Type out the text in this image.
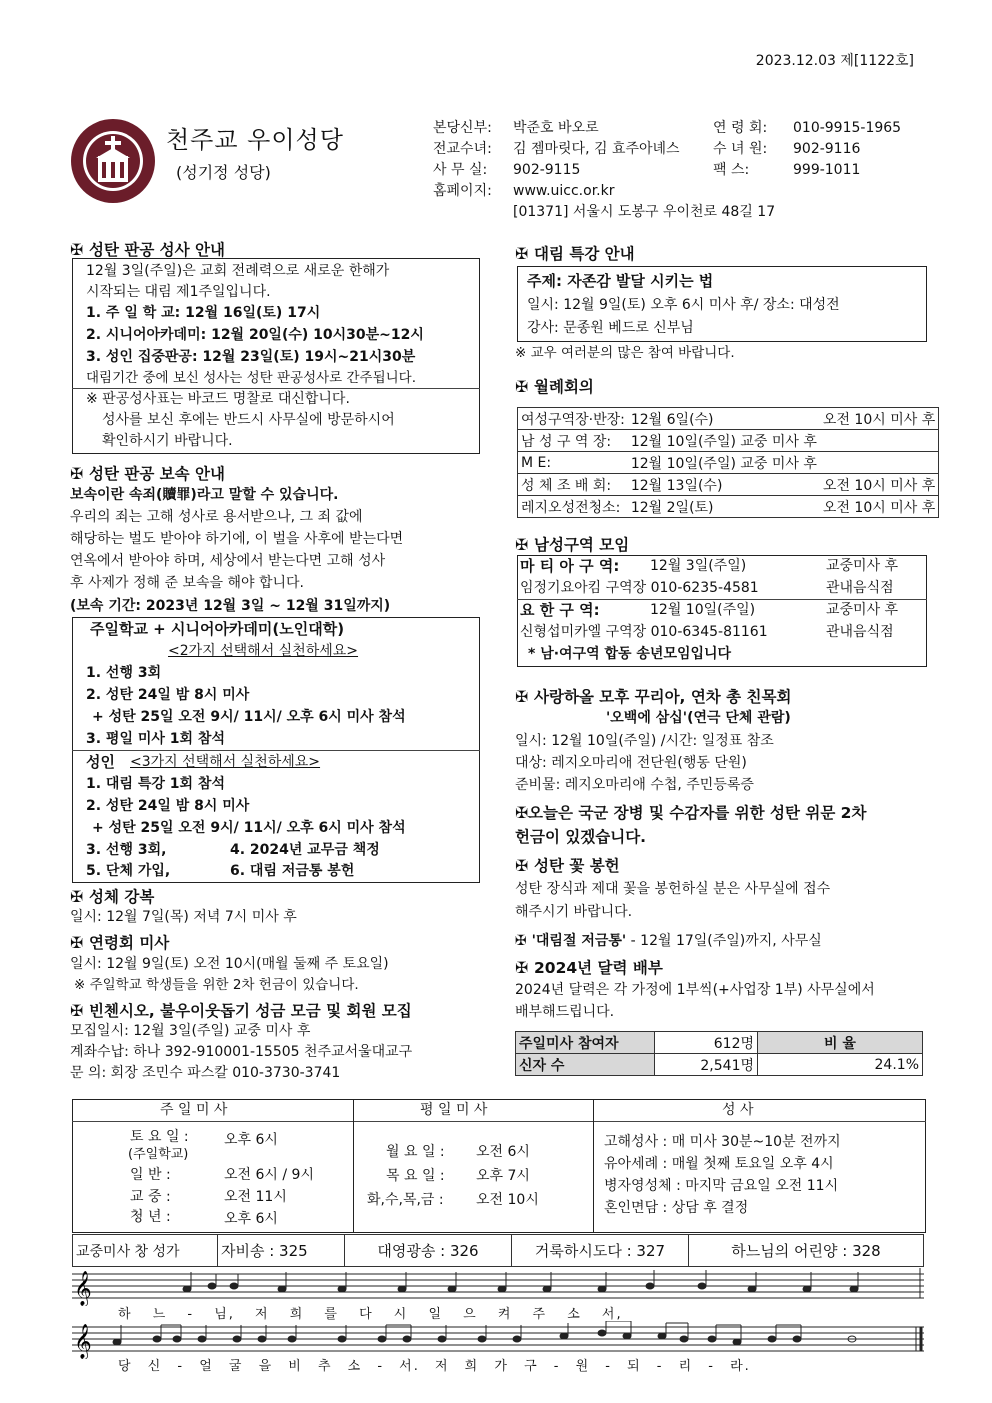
2023.12.03 제[1122호]
천주교 우이성당
(성기정 성당)
본당신부: 박준호 바오로	연 령 회: 010-9915-1965
전교수녀: 김 젬마릿다, 김 효주아녜스 수 녀 원: 902-9116
사 무 실: 902-9115	팩 스:	999-1011
홈페이지: www.uicc.or.kr
[01371] 서울시 도봉구 우이천로 48길 17
✠ 성탄 판공 성사 안내
12월 3일(주일)은 교회 전례력으로 새로운 한해가
시작되는 대림 제1주일입니다.
1. 주 일 학 교: 12월 16일(토) 17시
2. 시니어아카데미: 12월 20일(수) 10시30분~12시
3. 성인 집중판공: 12월 23일(토) 19시~21시30분
대림기간 중에 보신 성사는 성탄 판공성사로 간주됩니다.
※ 판공성사표는 바코드 명찰로 대신합니다.
성사를 보신 후에는 반드시 사무실에 방문하시어
확인하시기 바랍니다.
✠ 성탄 판공 보속 안내
보속이란 속죄(贖罪)라고 말할 수 있습니다.
우리의 죄는 고해 성사로 용서받으나, 그 죄 값에
해당하는 벌도 받아야 하기에, 이 벌을 사후에 받는다면
연옥에서 받아야 하며, 세상에서 받는다면 고해 성사
후 사제가 정해 준 보속을 해야 합니다.
(보속 기간: 2023년 12월 3일 ~ 12월 31일까지)
주일학교 + 시니어아카데미(노인대학)
<2가지 선택해서 실천하세요>
1. 선행 3회
2. 성탄 24일 밤 8시 미사
+ 성탄 25일 오전 9시/ 11시/ 오후 6시 미사 참석
3. 평일 미사 1회 참석
성인 <3가지 선택해서 실천하세요>
1. 대림 특강 1회 참석
2. 성탄 24일 밤 8시 미사
+ 성탄 25일 오전 9시/ 11시/ 오후 6시 미사 참석
3. 선행 3회,	4. 2024년 교무금 책정
5. 단체 가입,	6. 대림 저금통 봉헌
✠ 성체 강복
일시: 12월 7일(목) 저녁 7시 미사 후
✠ 연령회 미사
일시: 12월 9일(토) 오전 10시(매월 둘째 주 토요일)
※ 주일학교 학생들을 위한 2차 헌금이 있습니다.
✠ 빈첸시오, 불우이웃돕기 성금 모금 및 회원 모집
모집일시: 12월 3일(주일) 교중 미사 후
계좌수납: 하나 392-910001-15505 천주교서울대교구
문 의: 회장 조민수 파스칼 010-3730-3741
✠ 대림 특강 안내
주제: 자존감 발달 시키는 법
일시: 12월 9일(토) 오후 6시 미사 후/ 장소: 대성전
강사: 문종원 베드로 신부님
※ 교우 여러분의 많은 참여 바랍니다.
✠ 월례회의
여성구역장·반장:	12월 6일(수)	오전 10시 미사 후
남 성 구 역 장:	12월 10일(주일) 교중 미사 후	
M E:	12월 10일(주일) 교중 미사 후	
성 체 조 배 회:	12월 13일(수)	오전 10시 미사 후
레지오성전청소:	12월 2일(토)	오전 10시 미사 후
✠ 남성구역 모임
마 티 아 구 역: 12월 3일(주일)	교중미사 후
임정기요아킴 구역장 010-6235-4581	관내음식점
요 한 구 역:	12월 10일(주일)	교중미사 후
신형섭미카엘 구역장 010-6345-81161	관내음식점
* 남·여구역 합동 송년모임입니다
✠ 사랑하올 모후 꾸리아, 연차 총 친목회
'오백에 삼십'(연극 단체 관람)
일시: 12월 10일(주일) /시간: 일정표 참조
대상: 레지오마리애 전단원(행동 단원)
준비물: 레지오마리애 수첩, 주민등록증
✠오늘은 국군 장병 및 수감자를 위한 성탄 위문 2차
헌금이 있겠습니다.
✠ 성탄 꽃 봉헌
성탄 장식과 제대 꽃을 봉헌하실 분은 사무실에 접수
해주시기 바랍니다.
✠ '대림절 저금통' - 12월 17일(주일)까지, 사무실
✠ 2024년 달력 배부
2024년 달력은 각 가정에 1부씩(+사업장 1부) 사무실에서
배부해드립니다.
주일미사 참여자	612명	비 율
신자 수	2,541명	24.1%
주 일 미 사	평 일 미 사	성 사
토 요 일 :
(주일학교)
오후 6시
일 반 :	오전 6시 / 9시
교 중 :	오전 11시
청 년 :	오후 6시
월 요 일 : 오전 6시
목 요 일 : 오후 7시
화,수,목,금 : 오전 10시
고해성사 : 매 미사 30분~10분 전까지
유아세례 : 매월 첫째 토요일 오후 4시
병자영성체 : 마지막 금요일 오전 11시
혼인면담 : 상담 후 결정
교중미사 창 성가	자비송 : 325	대영광송 : 326	거룩하시도다 : 327	하느님의 어린양 : 328
𝄞
하 느 - 님, 저 희 를 다 시 일 으 켜 주 소 서,
𝄞
당 신 - 얼 굴 을 비 추 소 - 서. 저 희 가 구 - 원 - 되 - 리 - 라.
